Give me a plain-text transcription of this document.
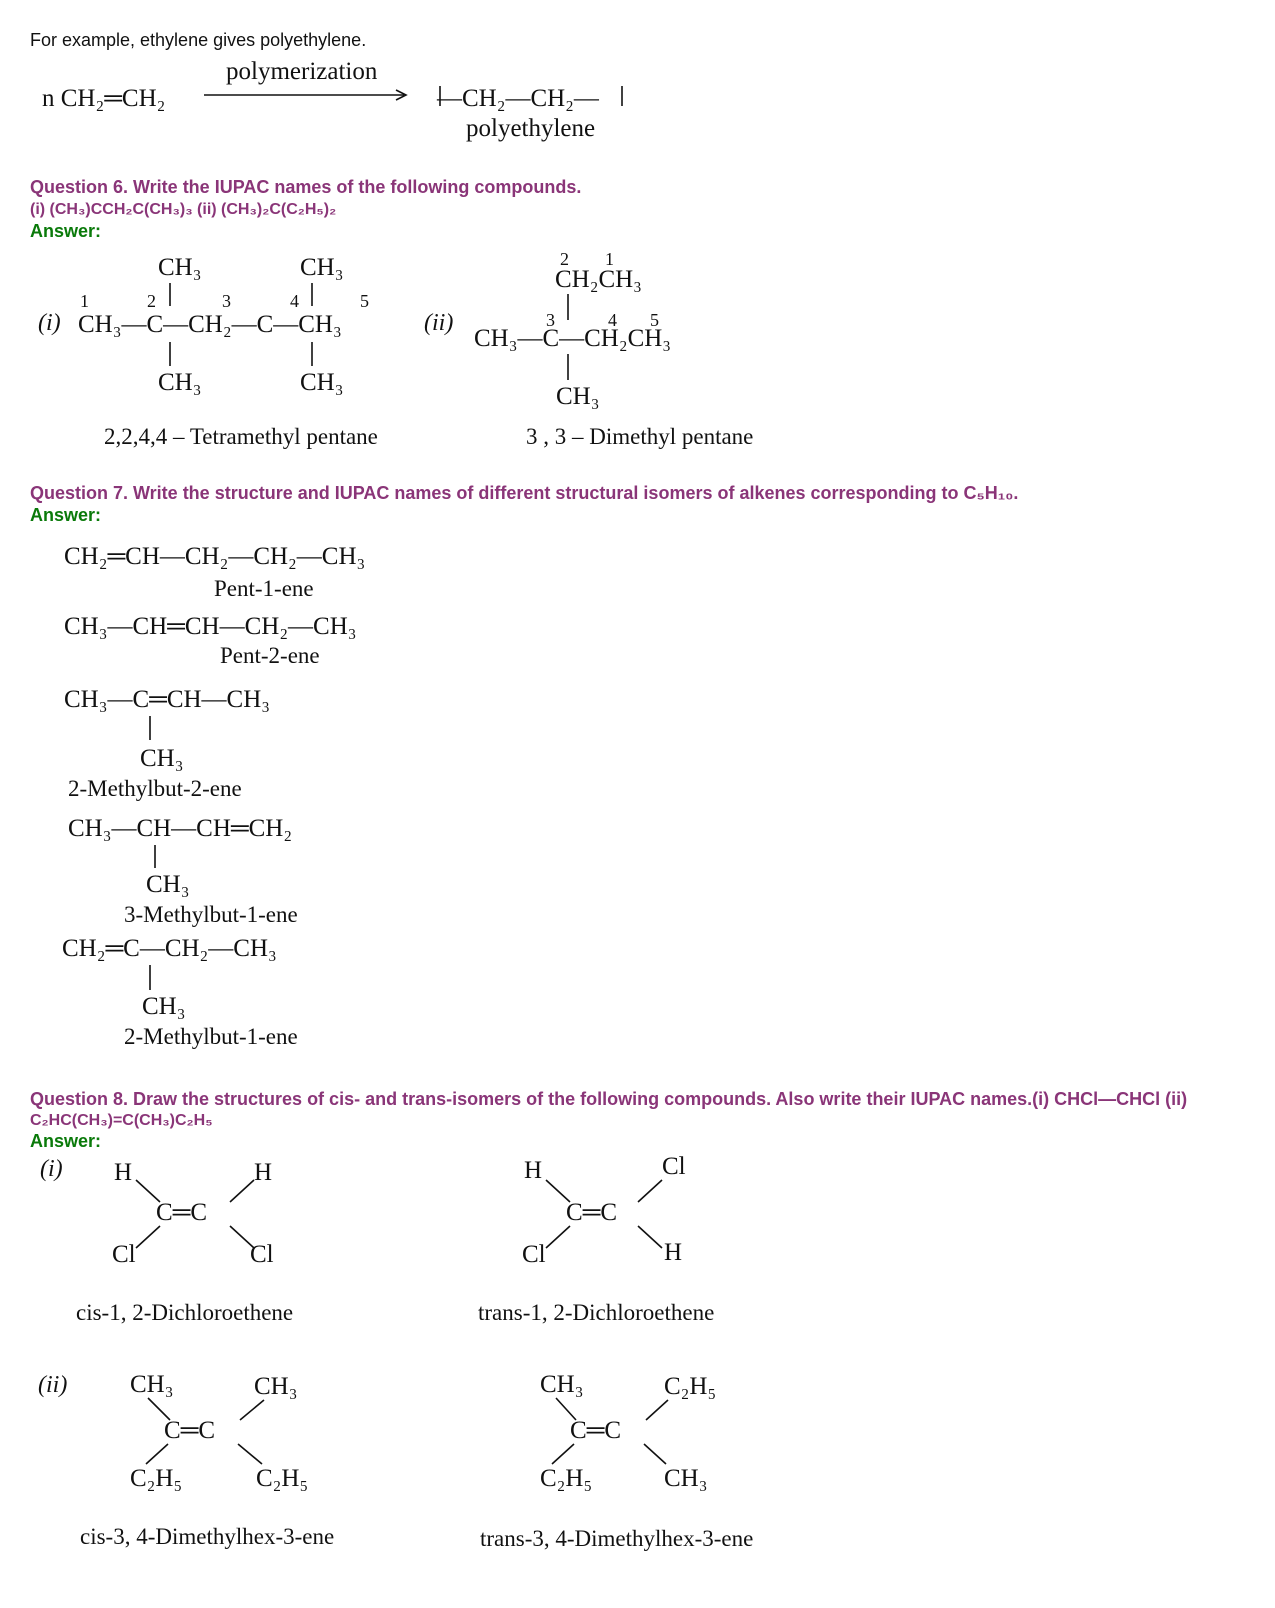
For example, ethylene gives polyethylene.
Question 6. Write the IUPAC names of the following compounds.
(i) (CH₃)CCH₂C(CH₃)₃ (ii) (CH₃)₂C(C₂H₅)₂
Answer:
Question 7. Write the structure and IUPAC names of different structural isomers of alkenes corresponding to C₅H₁₀.
Answer:
Question 8. Draw the structures of cis- and trans-isomers of the following compounds. Also write their IUPAC names.(i) CHCl—CHCl (ii)
C₂HC(CH₃)=C(CH₃)C₂H₅
Answer:
n CH₂═CH₂
polymerization
—CH₂—CH₂—
polyethylene
(i)
1	2	3	4	5
CH₃	CH₃
CH₃—C—CH₂—C—CH₃
CH₃	CH₃
2,2,4,4 – Tetramethyl pentane
(ii)
2 1
CH₂CH₃
3	4 5
CH₃—C—CH₂CH₃
CH₃
3 , 3 – Dimethyl pentane
CH₂═CH—CH₂—CH₂—CH₃
Pent-1-ene
CH₃—CH═CH—CH₂—CH₃
Pent-2-ene
CH₃—C═CH—CH₃
CH₃
2-Methylbut-2-ene
CH₃—CH—CH═CH₂
CH₃
3-Methylbut-1-ene
CH₂═C—CH₂—CH₃
CH₃
2-Methylbut-1-ene
(i) H	H
C═C
Cl	Cl
cis-1, 2-Dichloroethene
H	Cl
C═C
Cl	H
trans-1, 2-Dichloroethene
(ii)	CH₃	CH₃
C═C
C₂H₅	C₂H₅
cis-3, 4-Dimethylhex-3-ene
CH₃	C₂H₅
C═C
C₂H₅	CH₃
trans-3, 4-Dimethylhex-3-ene
